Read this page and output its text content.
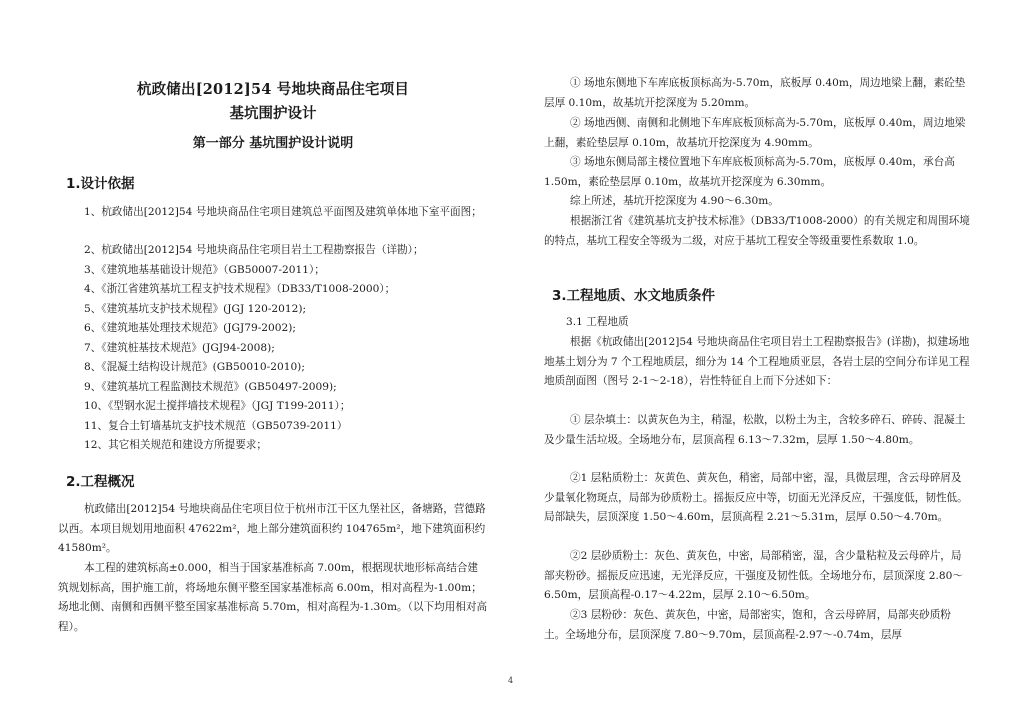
杭政储出[2012]54 号地块商品住宅项目
基坑围护设计
第一部分 基坑围护设计说明
1.设计依据
1、杭政储出[2012]54 号地块商品住宅项目建筑总平面图及建筑单体地下室平面图；
2、杭政储出[2012]54 号地块商品住宅项目岩土工程勘察报告（详勘）；
3、《建筑地基基础设计规范》（GB50007-2011）；
4、《浙江省建筑基坑工程支护技术规程》（DB33/T1008-2000）；
5、《建筑基坑支护技术规程》(JGJ 120-2012);
6、《建筑地基处理技术规范》(JGJ79-2002);
7、《建筑桩基技术规范》(JGJ94-2008);
8、《混凝土结构设计规范》(GB50010-2010);
9、《建筑基坑工程监测技术规范》(GB50497-2009);
10、《型钢水泥土搅拌墙技术规程》（JGJ T199-2011）；
11、复合土钉墙基坑支护技术规范（GB50739-2011）
12、其它相关规范和建设方所提要求；
2.工程概况
杭政储出[2012]54 号地块商品住宅项目位于杭州市江干区九堡社区，备塘路，营德路以西。本项目规划用地面积 47622m²，地上部分建筑面积约 104765m²，地下建筑面积约 41580m²。
本工程的建筑标高±0.000，相当于国家基准标高 7.00m，根据现状地形标高结合建筑规划标高，围护施工前，将场地东侧平整至国家基准标高 6.00m，相对高程为-1.00m；场地北侧、南侧和西侧平整至国家基准标高 5.70m，相对高程为-1.30m。（以下均用相对高程）。
① 场地东侧地下车库底板顶标高为-5.70m，底板厚 0.40m，周边地梁上翻，素砼垫层厚 0.10m，故基坑开挖深度为 5.20mm。
② 场地西侧、南侧和北侧地下车库底板顶标高为-5.70m，底板厚 0.40m，周边地梁上翻，素砼垫层厚 0.10m，故基坑开挖深度为 4.90mm。
③ 场地东侧局部主楼位置地下车库底板顶标高为-5.70m，底板厚 0.40m，承台高 1.50m，素砼垫层厚 0.10m，故基坑开挖深度为 6.30mm。
综上所述，基坑开挖深度为 4.90～6.30m。
根据浙江省《建筑基坑支护技术标准》（DB33/T1008-2000）的有关规定和周围环境的特点，基坑工程安全等级为二级，对应于基坑工程安全等级重要性系数取 1.0。
3.工程地质、水文地质条件
3.1 工程地质
根据《杭政储出[2012]54 号地块商品住宅项目岩土工程勘察报告》(详勘)，拟建场地地基土划分为 7 个工程地质层，细分为 14 个工程地质亚层，各岩土层的空间分布详见工程地质剖面图（图号 2-1～2-18），岩性特征自上而下分述如下：
① 层杂填土：以黄灰色为主，稍湿，松散，以粉土为主，含较多碎石、碎砖、混凝土及少量生活垃圾。全场地分布，层顶高程 6.13～7.32m，层厚 1.50～4.80m。
②1 层粘质粉土：灰黄色、黄灰色，稍密，局部中密，湿，具微层理，含云母碎屑及少量氧化物斑点，局部为砂质粉土。摇振反应中等，切面无光泽反应，干强度低，韧性低。局部缺失，层顶深度 1.50～4.60m，层顶高程 2.21～5.31m，层厚 0.50～4.70m。
②2 层砂质粉土：灰色、黄灰色，中密，局部稍密，湿，含少量粘粒及云母碎片，局部夹粉砂。摇振反应迅速，无光泽反应，干强度及韧性低。全场地分布，层顶深度 2.80～6.50m，层顶高程-0.17～4.22m，层厚 2.10～6.50m。
②3 层粉砂：灰色、黄灰色，中密，局部密实，饱和，含云母碎屑，局部夹砂质粉土。全场地分布，层顶深度 7.80～9.70m，层顶高程-2.97～-0.74m，层厚
4
